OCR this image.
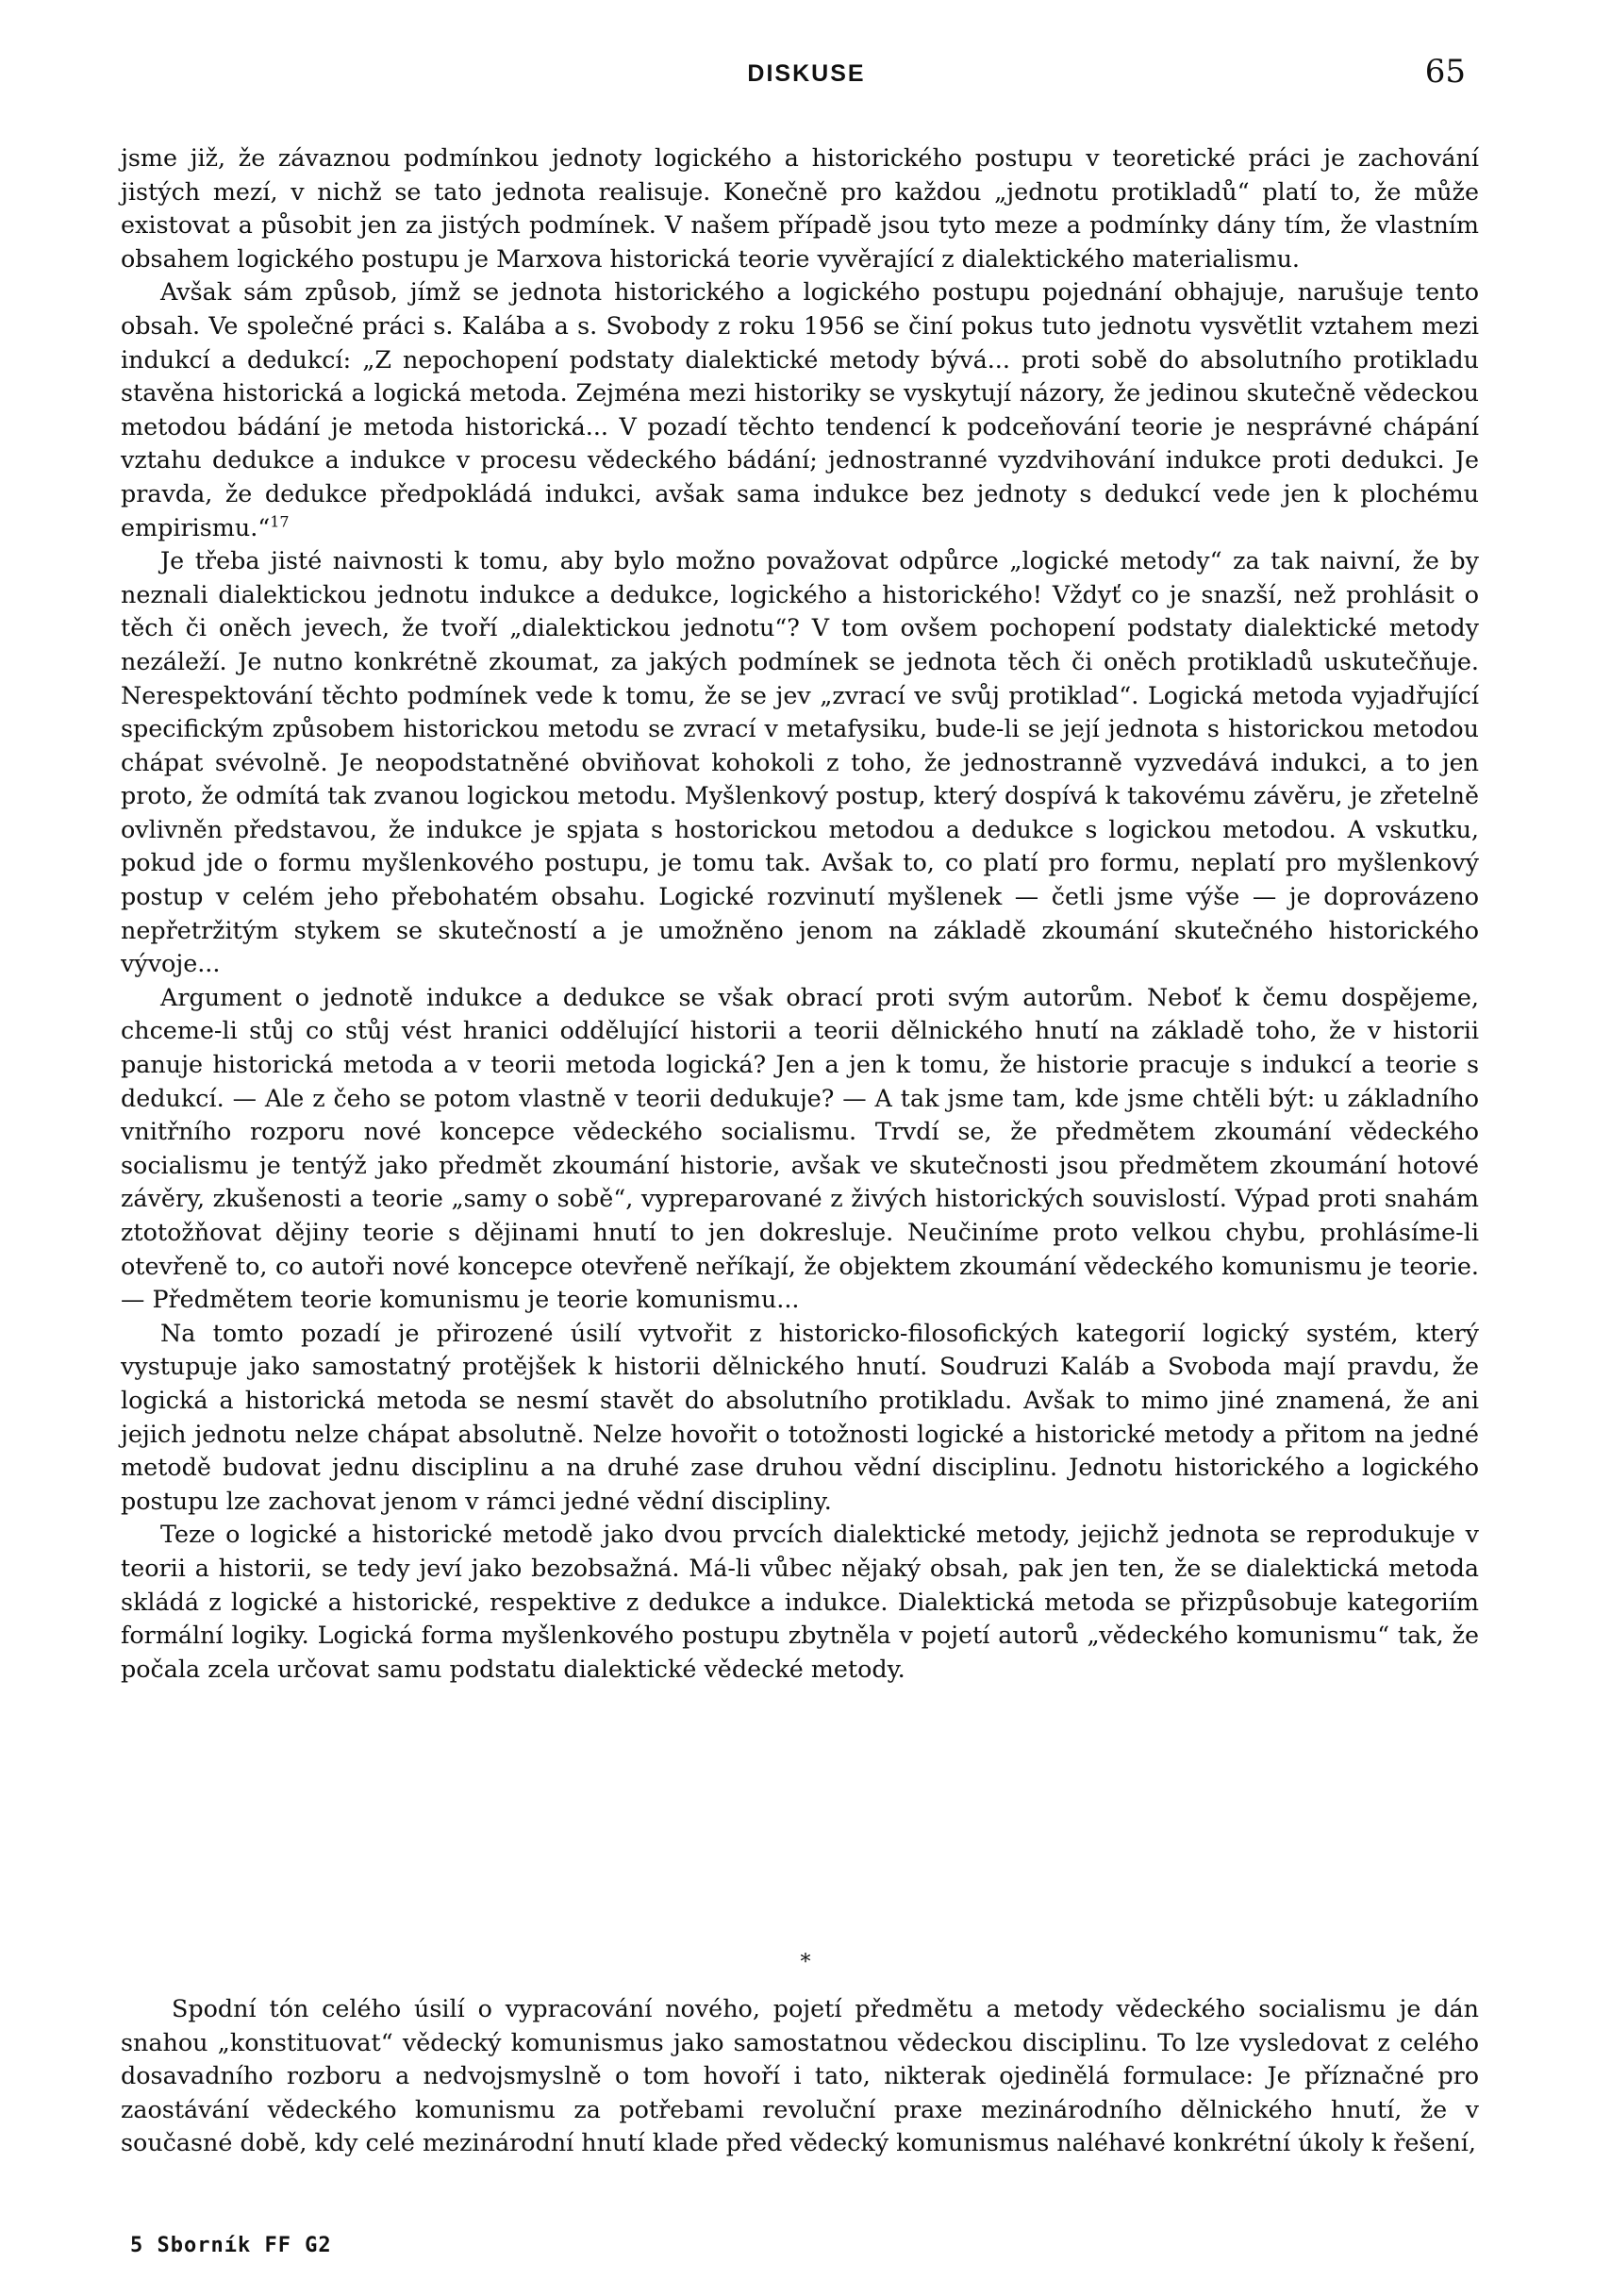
DISKUSE	65

jsme již, že závaznou podmínkou jednoty logického a historického postupu v teoretické práci je zachování jistých mezí, v nichž se tato jednota realisuje. Konečně pro každou „jednotu protikladů“ platí to, že může existovat a působit jen za jistých podmínek. V našem případě jsou tyto meze a podmínky dány tím, že vlastním obsahem logického postupu je Marxova historická teorie vyvěrající z dialektického materialismu.

Avšak sám způsob, jímž se jednota historického a logického postupu pojednání obhajuje, narušuje tento obsah. Ve společné práci s. Kalába a s. Svobody z roku 1956 se činí pokus tuto jednotu vysvětlit vztahem mezi indukcí a dedukcí: „Z nepochopení podstaty dialektické metody bývá... proti sobě do absolutního protikladu stavěna historická a logická metoda. Zejména mezi historiky se vyskytují názory, že jedinou skutečně vědeckou metodou bádání je metoda historická... V pozadí těchto tendencí k podceňování teorie je nesprávné chápání vztahu dedukce a indukce v procesu vědeckého bádání; jednostranné vyzdvihování indukce proti dedukci. Je pravda, že dedukce předpokládá indukci, avšak sama indukce bez jednoty s dedukcí vede jen k plochému empirismu.“$^{17}$

Je třeba jisté naivnosti k tomu, aby bylo možno považovat odpůrce „logické metody“ za tak naivní, že by neznali dialektickou jednotu indukce a dedukce, logického a historického! Vždyť co je snazší, než prohlásit o těch či oněch jevech, že tvoří „dialektickou jednotu“? V tom ovšem pochopení podstaty dialektické metody nezáleží. Je nutno konkrétně zkoumat, za jakých podmínek se jednota těch či oněch protikladů uskutečňuje. Nerespektování těchto podmínek vede k tomu, že se jev „zvrací ve svůj protiklad“. Logická metoda vyjadřující specifickým způsobem historickou metodu se zvrací v metafysiku, bude-li se její jednota s historickou metodou chápat svévolně. Je neopodstatněné obviňovat kohokoli z toho, že jednostranně vyzvedává indukci, a to jen proto, že odmítá tak zvanou logickou metodu. Myšlenkový postup, který dospívá k takovému závěru, je zřetelně ovlivněn představou, že indukce je spjata s hostorickou metodou a dedukce s logickou metodou. A vskutku, pokud jde o formu myšlenkového postupu, je tomu tak. Avšak to, co platí pro formu, neplatí pro myšlenkový postup v celém jeho přebohatém obsahu. Logické rozvinutí myšlenek — četli jsme výše — je doprovázeno nepřetržitým stykem se skutečností a je umožněno jenom na základě zkoumání skutečného historického vývoje...

Argument o jednotě indukce a dedukce se však obrací proti svým autorům. Neboť k čemu dospějeme, chceme-li stůj co stůj vést hranici oddělující historii a teorii dělnického hnutí na základě toho, že v historii panuje historická metoda a v teorii metoda logická? Jen a jen k tomu, že historie pracuje s indukcí a teorie s dedukcí. — Ale z čeho se potom vlastně v teorii dedukuje? — A tak jsme tam, kde jsme chtěli být: u základního vnitřního rozporu nové koncepce vědeckého socialismu. Trvdí se, že předmětem zkoumání vědeckého socialismu je tentýž jako předmět zkoumání historie, avšak ve skutečnosti jsou předmětem zkoumání hotové závěry, zkušenosti a teorie „samy o sobě“, vypreparované z živých historických souvislostí. Výpad proti snahám ztotožňovat dějiny teorie s dějinami hnutí to jen dokresluje. Neučiníme proto velkou chybu, prohlásíme-li otevřeně to, co autoři nové koncepce otevřeně neříkají, že objektem zkoumání vědeckého komunismu je teorie. — Předmětem teorie komunismu je teorie komunismu...

Na tomto pozadí je přirozené úsilí vytvořit z historicko-filosofických kategorií logický systém, který vystupuje jako samostatný protějšek k historii dělnického hnutí. Soudruzi Kaláb a Svoboda mají pravdu, že logická a historická metoda se nesmí stavět do absolutního protikladu. Avšak to mimo jiné znamená, že ani jejich jednotu nelze chápat absolutně. Nelze hovořit o totožnosti logické a historické metody a přitom na jedné metodě budovat jednu disciplinu a na druhé zase druhou vědní disciplinu. Jednotu historického a logického postupu lze zachovat jenom v rámci jedné vědní discipliny.

Teze o logické a historické metodě jako dvou prvcích dialektické metody, jejichž jednota se reprodukuje v teorii a historii, se tedy jeví jako bezobsažná. Má-li vůbec nějaký obsah, pak jen ten, že se dialektická metoda skládá z logické a historické, respektive z dedukce a indukce. Dialektická metoda se přizpůsobuje kategoriím formální logiky. Logická forma myšlenkového postupu zbytněla v pojetí autorů „vědeckého komunismu“ tak, že počala zcela určovat samu podstatu dialektické vědecké metody.

*

Spodní tón celého úsilí o vypracování nového, pojetí předmětu a metody vědeckého socialismu je dán snahou „konstituovat“ vědecký komunismus jako samostatnou vědeckou disciplinu. To lze vysledovat z celého dosavadního rozboru a nedvojsmyslně o tom hovoří i tato, nikterak ojedinělá formulace: Je příznačné pro zaostávání vědeckého komunismu za potřebami revoluční praxe mezinárodního dělnického hnutí, že v současné době, kdy celé mezinárodní hnutí klade před vědecký komunismus naléhavé konkrétní úkoly k řešení,

5 Sborník FF G2
